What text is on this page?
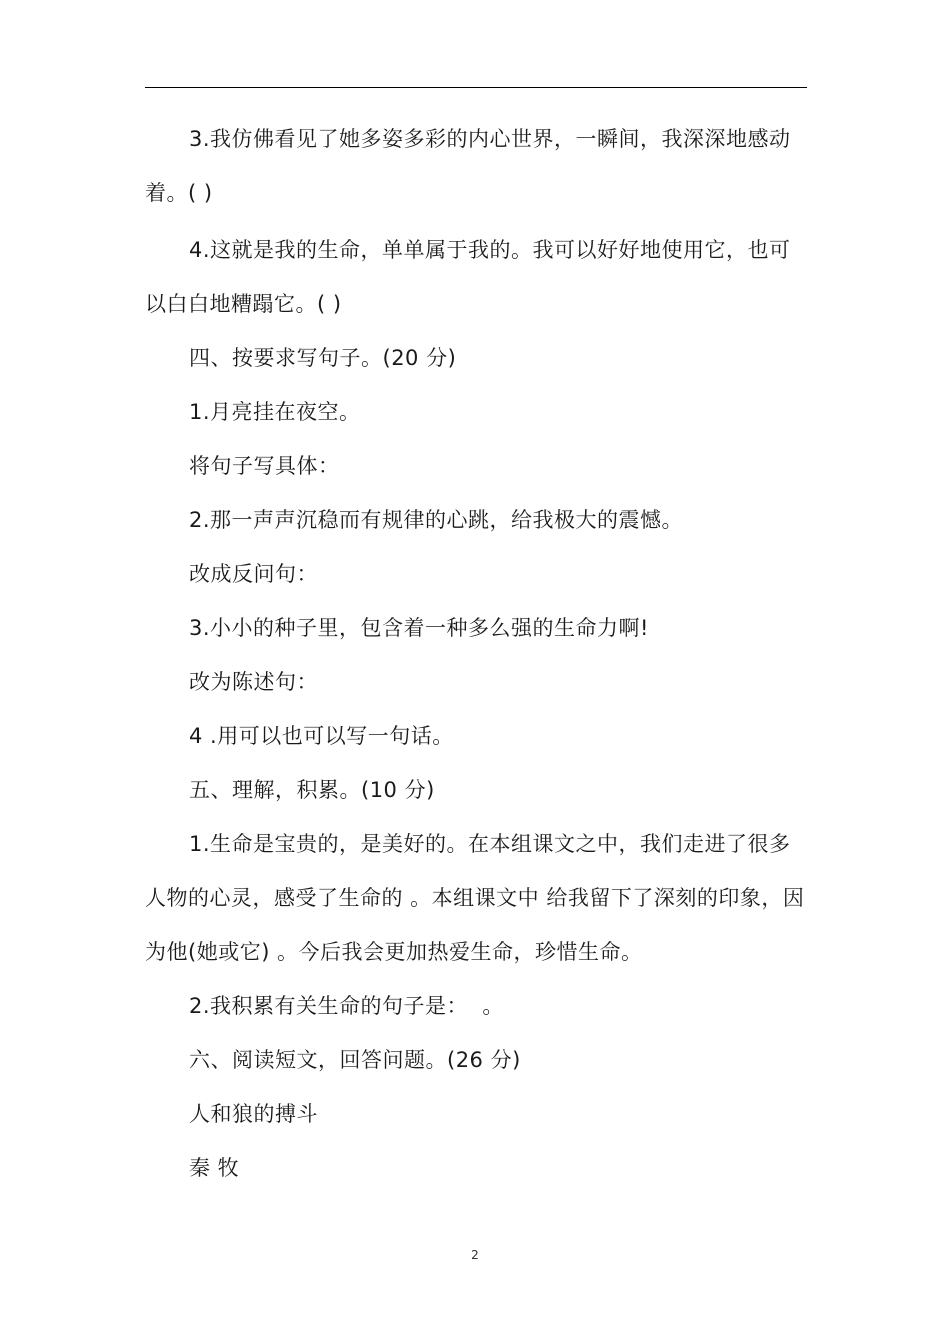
3.我仿佛看见了她多姿多彩的内心世界，一瞬间，我深深地感动着。( )

4.这就是我的生命，单单属于我的。我可以好好地使用它，也可以白白地糟蹋它。( )

四、按要求写句子。(20 分)

1.月亮挂在夜空。

将句子写具体：

2.那一声声沉稳而有规律的心跳，给我极大的震憾。

改成反问句：

3.小小的种子里，包含着一种多么强的生命力啊!

改为陈述句：

4 .用可以也可以写一句话。

五、理解，积累。(10 分)

1.生命是宝贵的，是美好的。在本组课文之中，我们走进了很多人物的心灵，感受了生命的 。本组课文中 给我留下了深刻的印象，因为他(她或它) 。今后我会更加热爱生命，珍惜生命。

2.我积累有关生命的句子是：  。

六、阅读短文，回答问题。(26 分)

人和狼的搏斗

秦 牧

2
